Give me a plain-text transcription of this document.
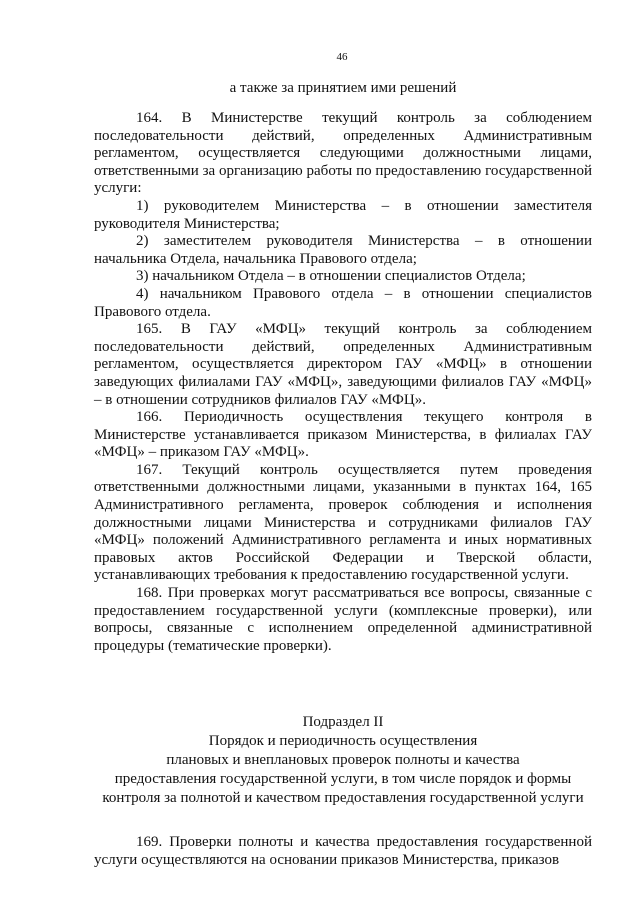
46
а также за принятием ими решений

164. В Министерстве текущий контроль за соблюдением последовательности действий, определенных Административным регламентом, осуществляется следующими должностными лицами, ответственными за организацию работы по предоставлению государственной услуги:

1) руководителем Министерства – в отношении заместителя руководителя Министерства;

2) заместителем руководителя Министерства – в отношении начальника Отдела, начальника Правового отдела;

3) начальником Отдела – в отношении специалистов Отдела;

4) начальником Правового отдела – в отношении специалистов Правового отдела.

165. В ГАУ «МФЦ» текущий контроль за соблюдением последовательности действий, определенных Административным регламентом, осуществляется директором ГАУ «МФЦ» в отношении заведующих филиалами ГАУ «МФЦ», заведующими филиалов ГАУ «МФЦ» – в отношении сотрудников филиалов ГАУ «МФЦ».

166. Периодичность осуществления текущего контроля в Министерстве устанавливается приказом Министерства, в филиалах ГАУ «МФЦ» – приказом ГАУ «МФЦ».

167. Текущий контроль осуществляется путем проведения ответственными должностными лицами, указанными в пунктах 164, 165 Административного регламента, проверок соблюдения и исполнения должностными лицами Министерства и сотрудниками филиалов ГАУ «МФЦ» положений Административного регламента и иных нормативных правовых актов Российской Федерации и Тверской области, устанавливающих требования к предоставлению государственной услуги.

168. При проверках могут рассматриваться все вопросы, связанные с предоставлением государственной услуги (комплексные проверки), или вопросы, связанные с исполнением определенной административной процедуры (тематические проверки).

Подраздел II
Порядок и периодичность осуществления
плановых и внеплановых проверок полноты и качества
предоставления государственной услуги, в том числе порядок и формы
контроля за полнотой и качеством предоставления государственной услуги

169. Проверки полноты и качества предоставления государственной услуги осуществляются на основании приказов Министерства, приказов
